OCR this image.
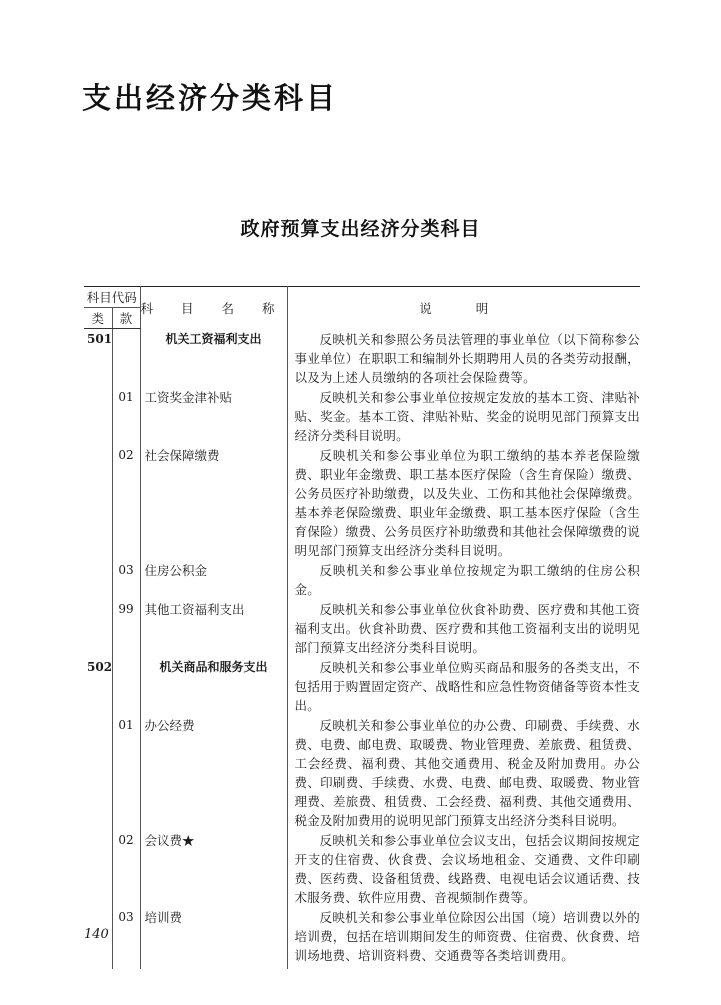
支出经济分类科目
政府预算支出经济分类科目
科目代码		科 目 名 称	说 明
类	款		
501		机关工资福利支出	反映机关和参照公务员法管理的事业单位（以下简称参公事业单位）在职职工和编制外长期聘用人员的各类劳动报酬，以及为上述人员缴纳的各项社会保险费等。
	01	工资奖金津补贴	反映机关和参公事业单位按规定发放的基本工资、津贴补贴、奖金。基本工资、津贴补贴、奖金的说明见部门预算支出经济分类科目说明。
	02	社会保障缴费	反映机关和参公事业单位为职工缴纳的基本养老保险缴费、职业年金缴费、职工基本医疗保险（含生育保险）缴费、公务员医疗补助缴费，以及失业、工伤和其他社会保障缴费。基本养老保险缴费、职业年金缴费、职工基本医疗保险（含生育保险）缴费、公务员医疗补助缴费和其他社会保障缴费的说明见部门预算支出经济分类科目说明。
	03	住房公积金	反映机关和参公事业单位按规定为职工缴纳的住房公积金。
	99	其他工资福利支出	反映机关和参公事业单位伙食补助费、医疗费和其他工资福利支出。伙食补助费、医疗费和其他工资福利支出的说明见部门预算支出经济分类科目说明。
502		机关商品和服务支出	反映机关和参公事业单位购买商品和服务的各类支出，不包括用于购置固定资产、战略性和应急性物资储备等资本性支出。
	01	办公经费	反映机关和参公事业单位的办公费、印刷费、手续费、水费、电费、邮电费、取暖费、物业管理费、差旅费、租赁费、工会经费、福利费、其他交通费用、税金及附加费用。办公费、印刷费、手续费、水费、电费、邮电费、取暖费、物业管理费、差旅费、租赁费、工会经费、福利费、其他交通费用、税金及附加费用的说明见部门预算支出经济分类科目说明。
	02	会议费★	反映机关和参公事业单位会议支出，包括会议期间按规定开支的住宿费、伙食费、会议场地租金、交通费、文件印刷费、医药费、设备租赁费、线路费、电视电话会议通话费、技术服务费、软件应用费、音视频制作费等。
	03	培训费	反映机关和参公事业单位除因公出国（境）培训费以外的培训费，包括在培训期间发生的师资费、住宿费、伙食费、培训场地费、培训资料费、交通费等各类培训费用。
140
